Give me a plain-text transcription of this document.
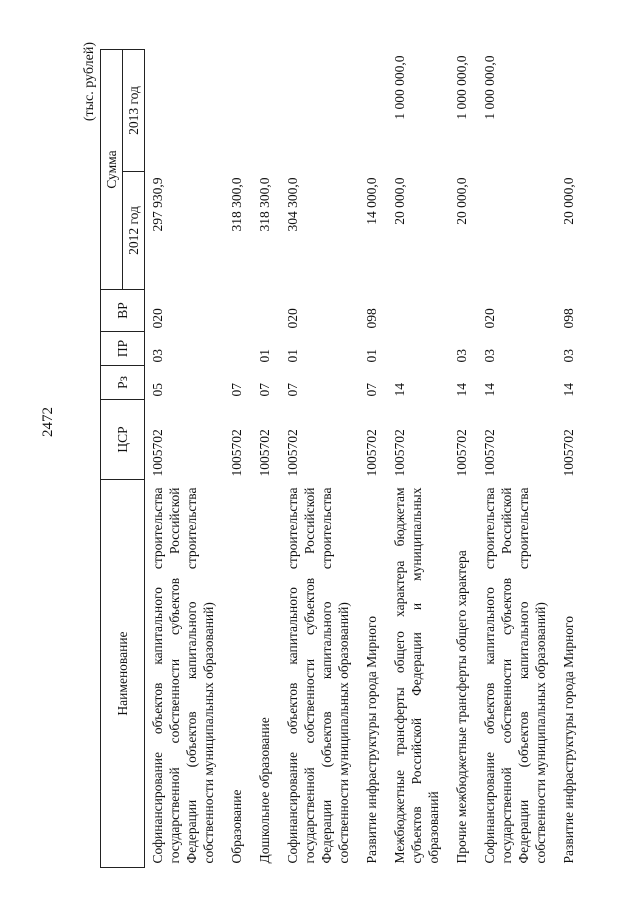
2472
(тыс. рублей)
Наименование	ЦСР	Рз	ПР	ВР	Сумма	
					2012 год	2013 год
Софинансирование объектов капитального строительства государственной собственности субъектов Российской Федерации (объектов капитального строительства собственности муниципальных образований)	1005702	05	03	020	297 930,9	
Образование	1005702	07			318 300,0	
Дошкольное образование	1005702	07	01		318 300,0	
Софинансирование объектов капитального строительства государственной собственности субъектов Российской Федерации (объектов капитального строительства собственности муниципальных образований)	1005702	07	01	020	304 300,0	
Развитие инфраструктуры города Мирного	1005702	07	01	098	14 000,0	
Межбюджетные трансферты общего характера бюджетам субъектов Российской Федерации и муниципальных образований	1005702	14			20 000,0	1 000 000,0
Прочие межбюджетные трансферты общего характера	1005702	14	03		20 000,0	1 000 000,0
Софинансирование объектов капитального строительства государственной собственности субъектов Российской Федерации (объектов капитального строительства собственности муниципальных образований)	1005702	14	03	020		1 000 000,0
Развитие инфраструктуры города Мирного	1005702	14	03	098	20 000,0	
